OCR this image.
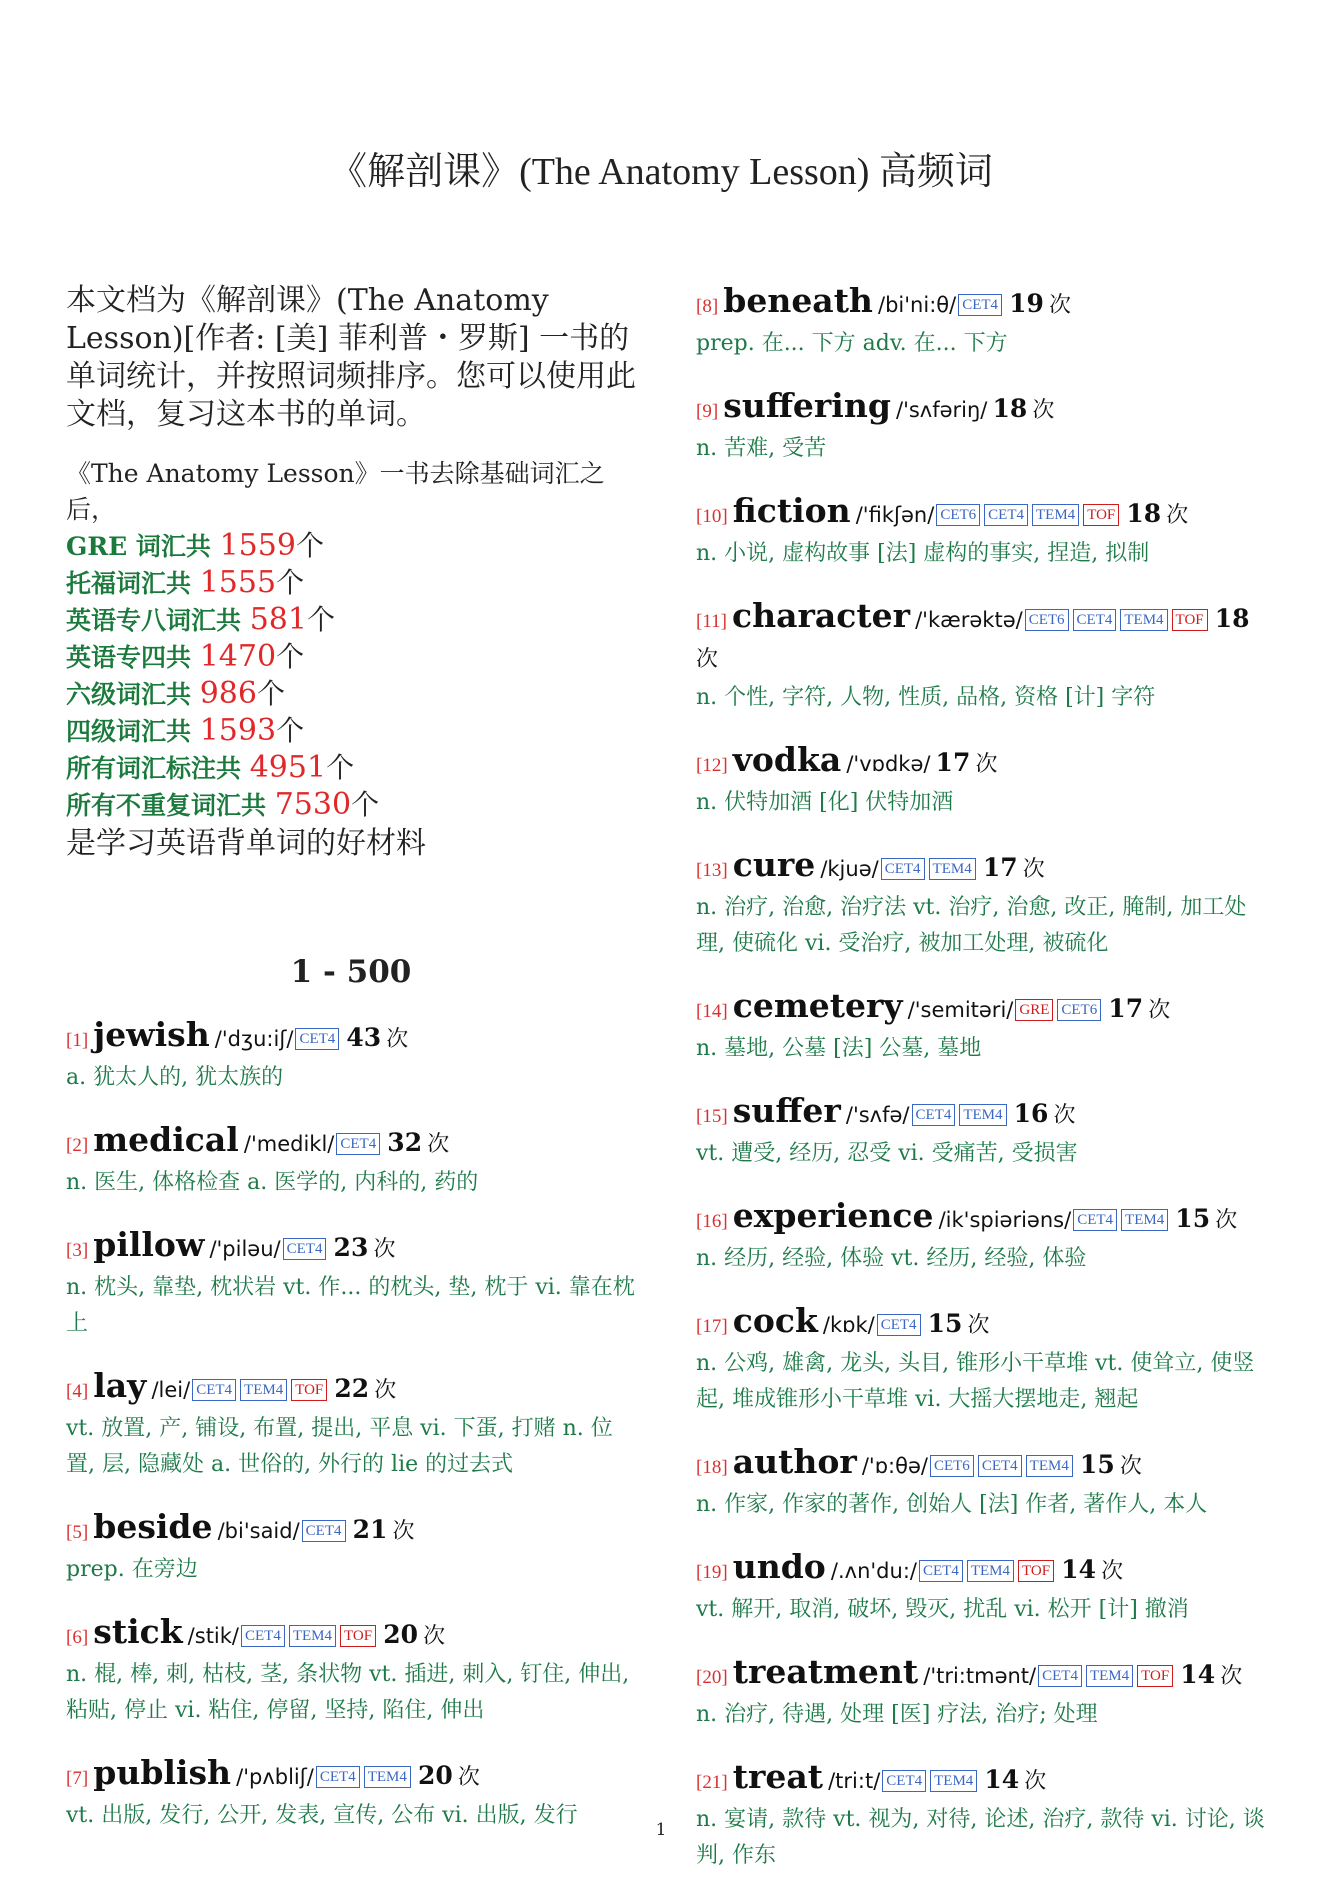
《解剖课》(The Anatomy Lesson) 高频词
本文档为《解剖课》(The Anatomy Lesson)[作者: [美] 菲利普・罗斯] 一书的单词统计，并按照词频排序。您可以使用此文档，复习这本书的单词。
《The Anatomy Lesson》一书去除基础词汇之后，
GRE 词汇共 1559个
托福词汇共 1555个
英语专八词汇共 581个
英语专四共 1470个
六级词汇共 986个
四级词汇共 1593个
所有词汇标注共 4951个
所有不重复词汇共 7530个
是学习英语背单词的好材料
1 - 500
[1] jewish /'dʒu:iʃ/ CET4 43 次
a. 犹太人的, 犹太族的
[2] medical /'medikl/ CET4 32 次
n. 医生, 体格检查 a. 医学的, 内科的, 药的
[3] pillow /'piləu/ CET4 23 次
n. 枕头, 靠垫, 枕状岩 vt. 作... 的枕头, 垫, 枕于 vi. 靠在枕上
[4] lay /lei/ CET4 TEM4 TOF 22 次
vt. 放置, 产, 铺设, 布置, 提出, 平息 vi. 下蛋, 打赌 n. 位置, 层, 隐藏处 a. 世俗的, 外行的 lie 的过去式
[5] beside /bi'said/ CET4 21 次
prep. 在旁边
[6] stick /stik/ CET4 TEM4 TOF 20 次
n. 棍, 棒, 刺, 枯枝, 茎, 条状物 vt. 插进, 刺入, 钉住, 伸出, 粘贴, 停止 vi. 粘住, 停留, 坚持, 陷住, 伸出
[7] publish /'pʌbliʃ/ CET4 TEM4 20 次
vt. 出版, 发行, 公开, 发表, 宣传, 公布 vi. 出版, 发行
[8] beneath /bi'ni:θ/ CET4 19 次
prep. 在... 下方 adv. 在... 下方
[9] suffering /'sʌfəriŋ/ 18 次
n. 苦难, 受苦
[10] fiction /'fikʃən/ CET6 CET4 TEM4 TOF 18 次
n. 小说, 虚构故事 [法] 虚构的事实, 捏造, 拟制
[11] character /'kærəktə/ CET6 CET4 TEM4 TOF 18 次
n. 个性, 字符, 人物, 性质, 品格, 资格 [计] 字符
[12] vodka /'vɒdkə/ 17 次
n. 伏特加酒 [化] 伏特加酒
[13] cure /kjuə/ CET4 TEM4 17 次
n. 治疗, 治愈, 治疗法 vt. 治疗, 治愈, 改正, 腌制, 加工处理, 使硫化 vi. 受治疗, 被加工处理, 被硫化
[14] cemetery /'semitəri/ GRE CET6 17 次
n. 墓地, 公墓 [法] 公墓, 墓地
[15] suffer /'sʌfə/ CET4 TEM4 16 次
vt. 遭受, 经历, 忍受 vi. 受痛苦, 受损害
[16] experience /ik'spiəriəns/ CET4 TEM4 15 次
n. 经历, 经验, 体验 vt. 经历, 经验, 体验
[17] cock /kɒk/ CET4 15 次
n. 公鸡, 雄禽, 龙头, 头目, 锥形小干草堆 vt. 使耸立, 使竖起, 堆成锥形小干草堆 vi. 大摇大摆地走, 翘起
[18] author /'ɒ:θə/ CET6 CET4 TEM4 15 次
n. 作家, 作家的著作, 创始人 [法] 作者, 著作人, 本人
[19] undo /.ʌn'du:/ CET4 TEM4 TOF 14 次
vt. 解开, 取消, 破坏, 毁灭, 扰乱 vi. 松开 [计] 撤消
[20] treatment /'tri:tmənt/ CET4 TEM4 TOF 14 次
n. 治疗, 待遇, 处理 [医] 疗法, 治疗; 处理
[21] treat /tri:t/ CET4 TEM4 14 次
n. 宴请, 款待 vt. 视为, 对待, 论述, 治疗, 款待 vi. 讨论, 谈判, 作东
1
